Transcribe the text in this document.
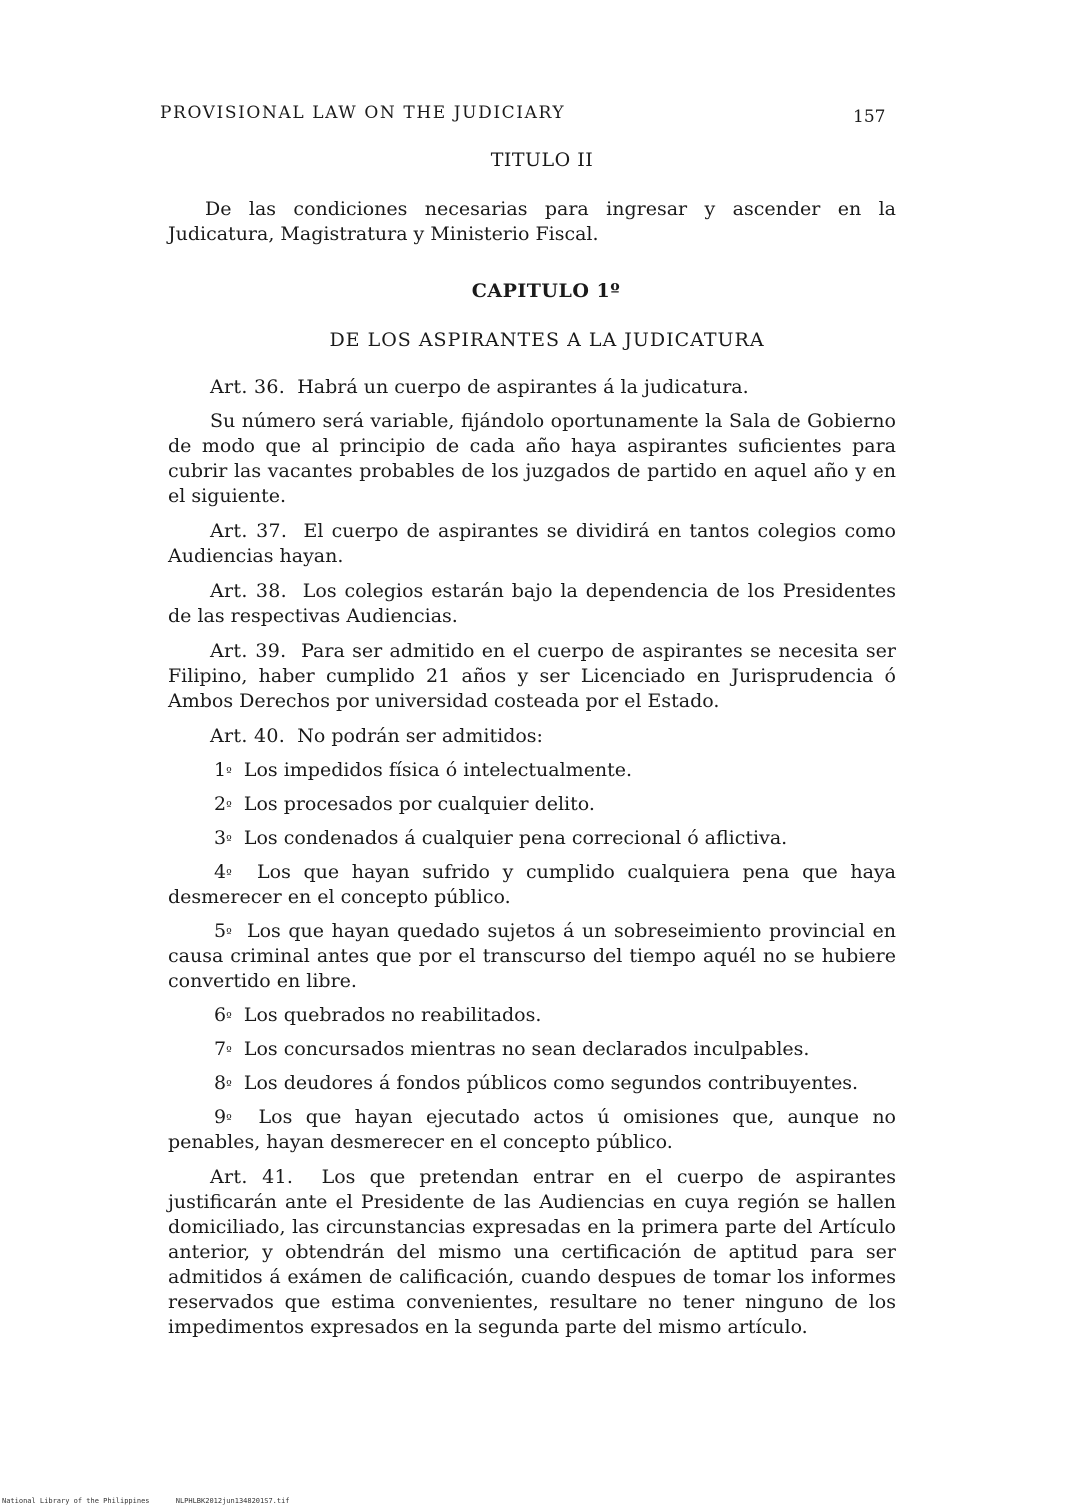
PROVISIONAL LAW ON THE JUDICIARY	157
TITULO II

De las condiciones necesarias para ingresar y ascender en la Judicatura, Magistratura y Ministerio Fiscal.

CAPITULO 1º
DE LOS ASPIRANTES A LA JUDICATURA

Art. 36. Habrá un cuerpo de aspirantes á la judicatura.

Su número será variable, fijándolo oportunamente la Sala de Gobierno de modo que al principio de cada año haya aspirantes suficientes para cubrir las vacantes probables de los juzgados de partido en aquel año y en el siguiente.

Art. 37. El cuerpo de aspirantes se dividirá en tantos colegios como Audiencias hayan.

Art. 38. Los colegios estarán bajo la dependencia de los Presidentes de las respectivas Audiencias.

Art. 39. Para ser admitido en el cuerpo de aspirantes se necesita ser Filipino, haber cumplido 21 años y ser Licenciado en Jurisprudencia ó Ambos Derechos por universidad costeada por el Estado.

Art. 40. No podrán ser admitidos:

$1^º$ Los impedidos física ó intelectualmente.

$2^º$ Los procesados por cualquier delito.

$3^º$ Los condenados á cualquier pena correcional ó aflictiva.

$4^º$ Los que hayan sufrido y cumplido cualquiera pena que haya desmerecer en el concepto público.

$5^º$ Los que hayan quedado sujetos á un sobreseimiento provincial en causa criminal antes que por el transcurso del tiempo aquél no se hubiere convertido en libre.

$6^º$ Los quebrados no reabilitados.

$7^º$ Los concursados mientras no sean declarados inculpables.

$8^º$ Los deudores á fondos públicos como segundos contribuyentes.

$9^º$ Los que hayan ejecutado actos ú omisiones que, aunque no penables, hayan desmerecer en el concepto público.

Art. 41. Los que pretendan entrar en el cuerpo de aspirantes justificarán ante el Presidente de las Audiencias en cuya región se hallen domiciliado, las circunstancias expresadas en la primera parte del Artículo anterior, y obtendrán del mismo una certificación de aptitud para ser admitidos á exámen de calificación, cuando despues de tomar los informes reservados que estima convenientes, resultare no tener ninguno de los impedimentos expresados en la segunda parte del mismo artículo.

National Library of the Philippines	NLPHLBK2012jun1348201S7.tif
